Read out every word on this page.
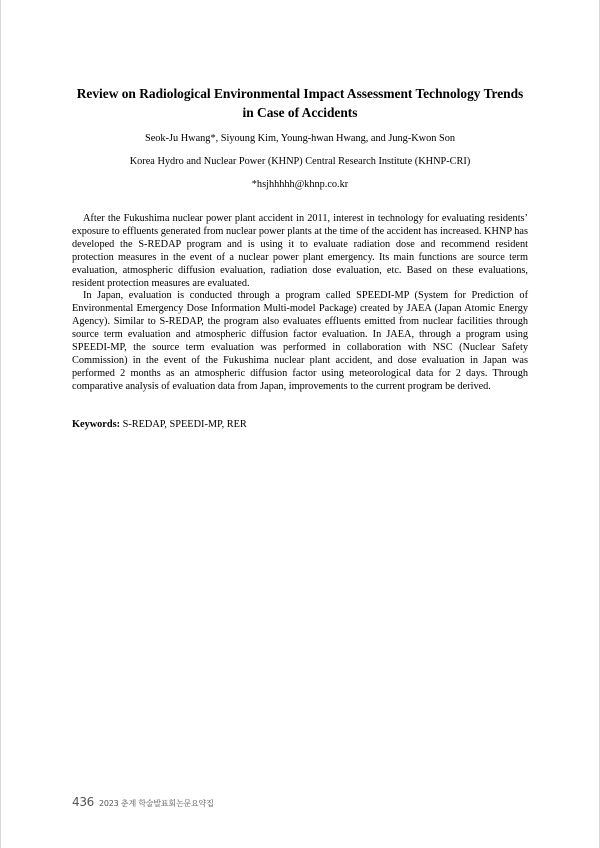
Review on Radiological Environmental Impact Assessment Technology Trends
in Case of Accidents

Seok-Ju Hwang*, Siyoung Kim, Young-hwan Hwang, and Jung-Kwon Son

Korea Hydro and Nuclear Power (KHNP) Central Research Institute (KHNP-CRI)

*hsjhhhhh@khnp.co.kr

After the Fukushima nuclear power plant accident in 2011, interest in technology for evaluating residents’ exposure to effluents generated from nuclear power plants at the time of the accident has increased. KHNP has developed the S-REDAP program and is using it to evaluate radiation dose and recommend resident protection measures in the event of a nuclear power plant emergency. Its main functions are source term evaluation, atmospheric diffusion evaluation, radiation dose evaluation, etc. Based on these evaluations, resident protection measures are evaluated.

In Japan, evaluation is conducted through a program called SPEEDI-MP (System for Prediction of Environmental Emergency Dose Information Multi-model Package) created by JAEA (Japan Atomic Energy Agency). Similar to S-REDAP, the program also evaluates effluents emitted from nuclear facilities through source term evaluation and atmospheric diffusion factor evaluation. In JAEA, through a program using SPEEDI-MP, the source term evaluation was performed in collaboration with NSC (Nuclear Safety Commission) in the event of the Fukushima nuclear plant accident, and dose evaluation in Japan was performed 2 months as an atmospheric diffusion factor using meteorological data for 2 days. Through comparative analysis of evaluation data from Japan, improvements to the current program be derived.

Keywords: S-REDAP, SPEEDI-MP, RER

436 2023 춘계 학술발표회논문요약집
